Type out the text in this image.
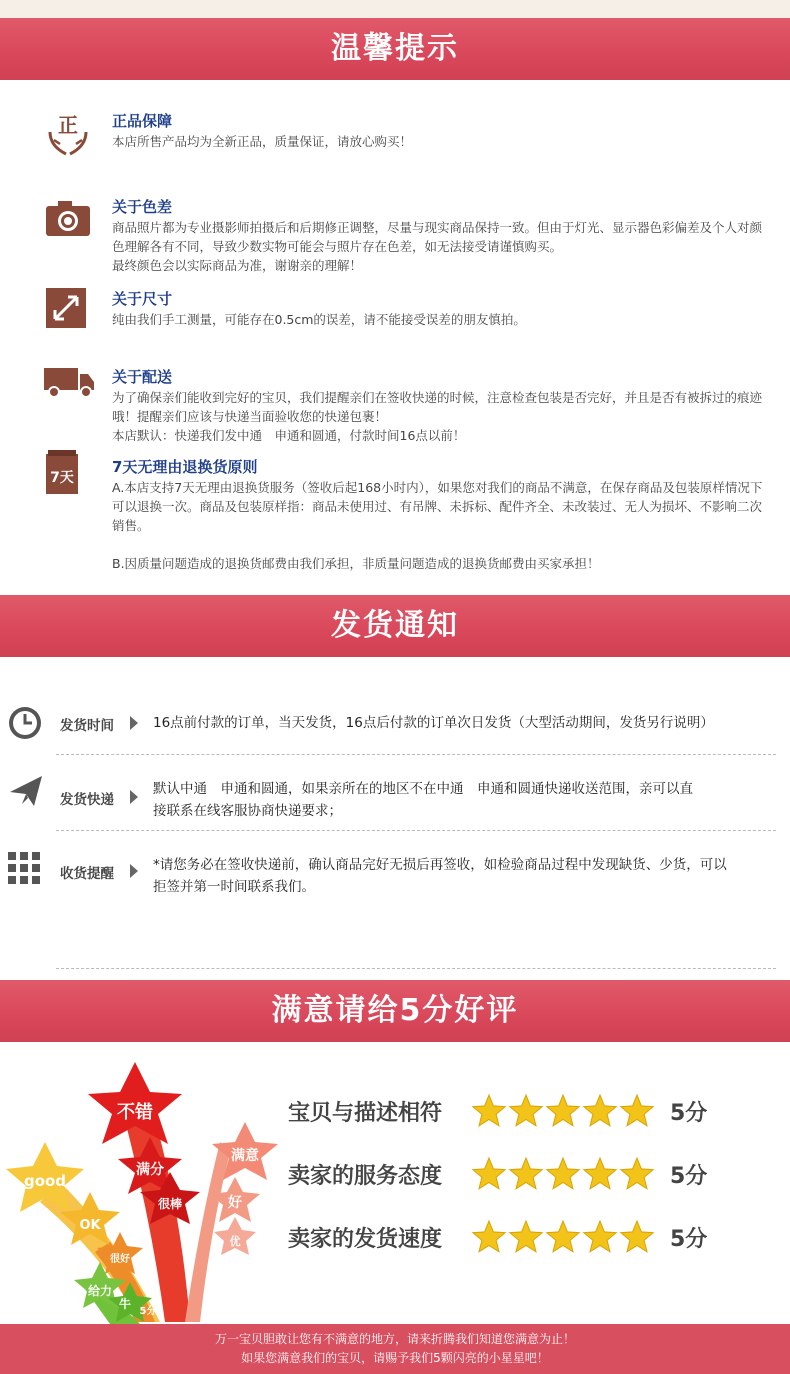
温馨提示
正 正品保障

本店所售产品均为全新正品，质量保证，请放心购买！

关于色差

商品照片都为专业摄影师拍摄后和后期修正调整，尽量与现实商品保持一致。但由于灯光、显示器色彩偏差及个人对颜色理解各有不同，导致少数实物可能会与照片存在色差，如无法接受请谨慎购买。

最终颜色会以实际商品为准，谢谢亲的理解！

关于尺寸

纯由我们手工测量，可能存在0.5cm的误差，请不能接受误差的朋友慎拍。

关于配送

为了确保亲们能收到完好的宝贝，我们提醒亲们在签收快递的时候，注意检查包装是否完好，并且是否有被拆过的痕迹哦！提醒亲们应该与快递当面验收您的快递包裹！

本店默认：快递我们发中通　申通和圆通，付款时间16点以前！

7天
7天无理由退换货原则

A.本店支持7天无理由退换货服务（签收后起168小时内），如果您对我们的商品不满意，在保存商品及包装原样情况下可以退换一次。商品及包装原样指：商品未使用过、有吊牌、未拆标、配件齐全、未改装过、无人为损坏、不影响二次销售。

B.因质量问题造成的退换货邮费由我们承担，非质量问题造成的退换货邮费由买家承担！

发货通知
发货时间	16点前付款的订单，当天发货，16点后付款的订单次日发货（大型活动期间，发货另行说明）
发货快递
默认中通　申通和圆通，如果亲所在的地区不在中通　申通和圆通快递收送范围，亲可以直
接联系在线客服协商快递要求；
收货提醒
*请您务必在签收快递前，确认商品完好无损后再签收，如检验商品过程中发现缺货、少货，可以
拒签并第一时间联系我们。
满意请给5分好评
不错
满分
很棒
满意
好
优
good
OK
很好
给力
牛
5分
宝贝与描述相符	5分
卖家的服务态度	5分
卖家的发货速度	5分
万一宝贝胆敢让您有不满意的地方，请来折腾我们知道您满意为止！
如果您满意我们的宝贝，请赐予我们5颗闪亮的小星星吧！
